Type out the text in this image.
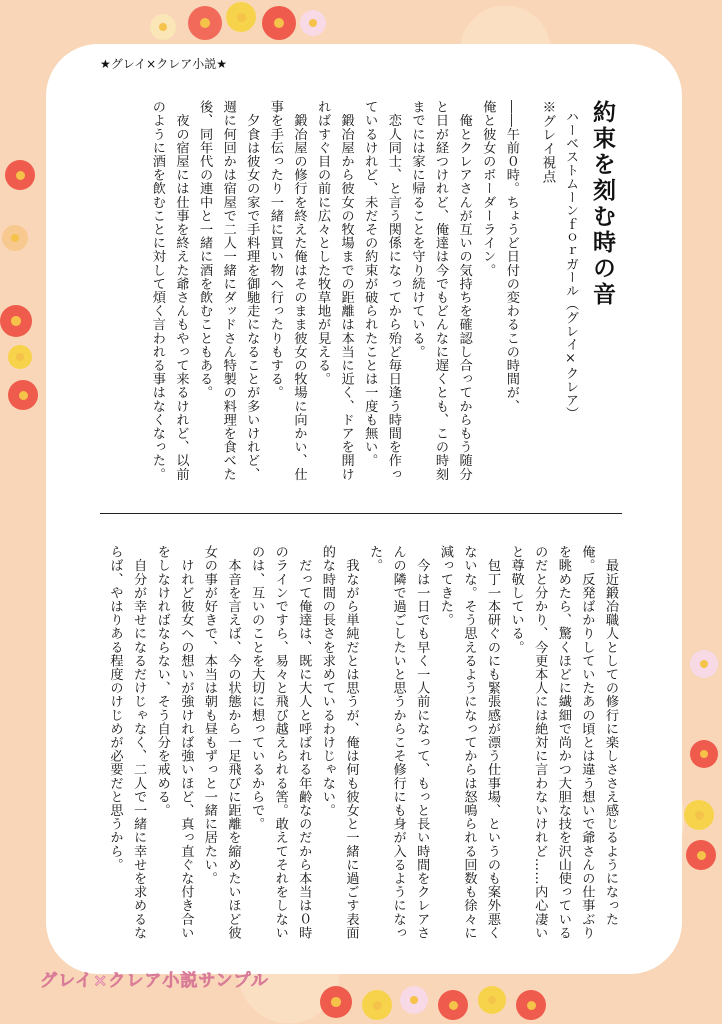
★グレイ×クレア小説★

約束を刻む時の音

ハーベストムーンｆｏｒガール（グレイ×クレア）

※グレイ視点

――午前０時。ちょうど日付の変わるこの時間が、

俺と彼女のボーダーライン。

　俺とクレアさんが互いの気持ちを確認し合ってからもう随分と日が経つけれど、俺達は今でもどんなに遅くとも、この時刻までには家に帰ることを守り続けている。

　恋人同士、と言う関係になってから殆ど毎日逢う時間を作っているけれど、未だその約束が破られたことは一度も無い。

　鍛冶屋から彼女の牧場までの距離は本当に近く、ドアを開ければすぐ目の前に広々とした牧草地が見える。

　鍛冶屋の修行を終えた俺はそのまま彼女の牧場に向かい、仕事を手伝ったり一緒に買い物へ行ったりもする。

　夕食は彼女の家で手料理を御馳走になることが多いけれど、週に何回かは宿屋で二人一緒にダッドさん特製の料理を食べた後、同年代の連中と一緒に酒を飲むこともある。

　夜の宿屋には仕事を終えた爺さんもやって来るけれど、以前のように酒を飲むことに対して煩く言われる事はなくなった。

　最近鍛冶職人としての修行に楽しささえ感じるようになった俺。反発ばかりしていたあの頃とは違う想いで爺さんの仕事ぶりを眺めたら、驚くほどに繊細で尚かつ大胆な技を沢山使っているのだと分かり、今更本人には絶対に言わないけれど……内心凄いと尊敬している。

　包丁一本研ぐのにも緊張感が漂う仕事場、というのも案外悪くないな。そう思えるようになってからは怒鳴られる回数も徐々に減ってきた。

　今は一日でも早く一人前になって、もっと長い時間をクレアさんの隣で過ごしたいと思うからこそ修行にも身が入るようになった。

　我ながら単純だとは思うが、俺は何も彼女と一緒に過ごす表面的な時間の長さを求めているわけじゃない。

　だって俺達は、既に大人と呼ばれる年齢なのだから本当は０時のラインですら、易々と飛び越えられる筈。敢えてそれをしないのは、互いのことを大切に想っているからで。

　本音を言えば、今の状態から一足飛びに距離を縮めたいほど彼女の事が好きで、本当は朝も昼もずっと一緒に居たい。

　けれど彼女への想いが強ければ強いほど、真っ直ぐな付き合いをしなければならない、そう自分を戒める。

　自分が幸せになるだけじゃなく、二人で一緒に幸せを求めるならば、やはりある程度のけじめが必要だと思うから。

グレイ×クレア小説サンプル
